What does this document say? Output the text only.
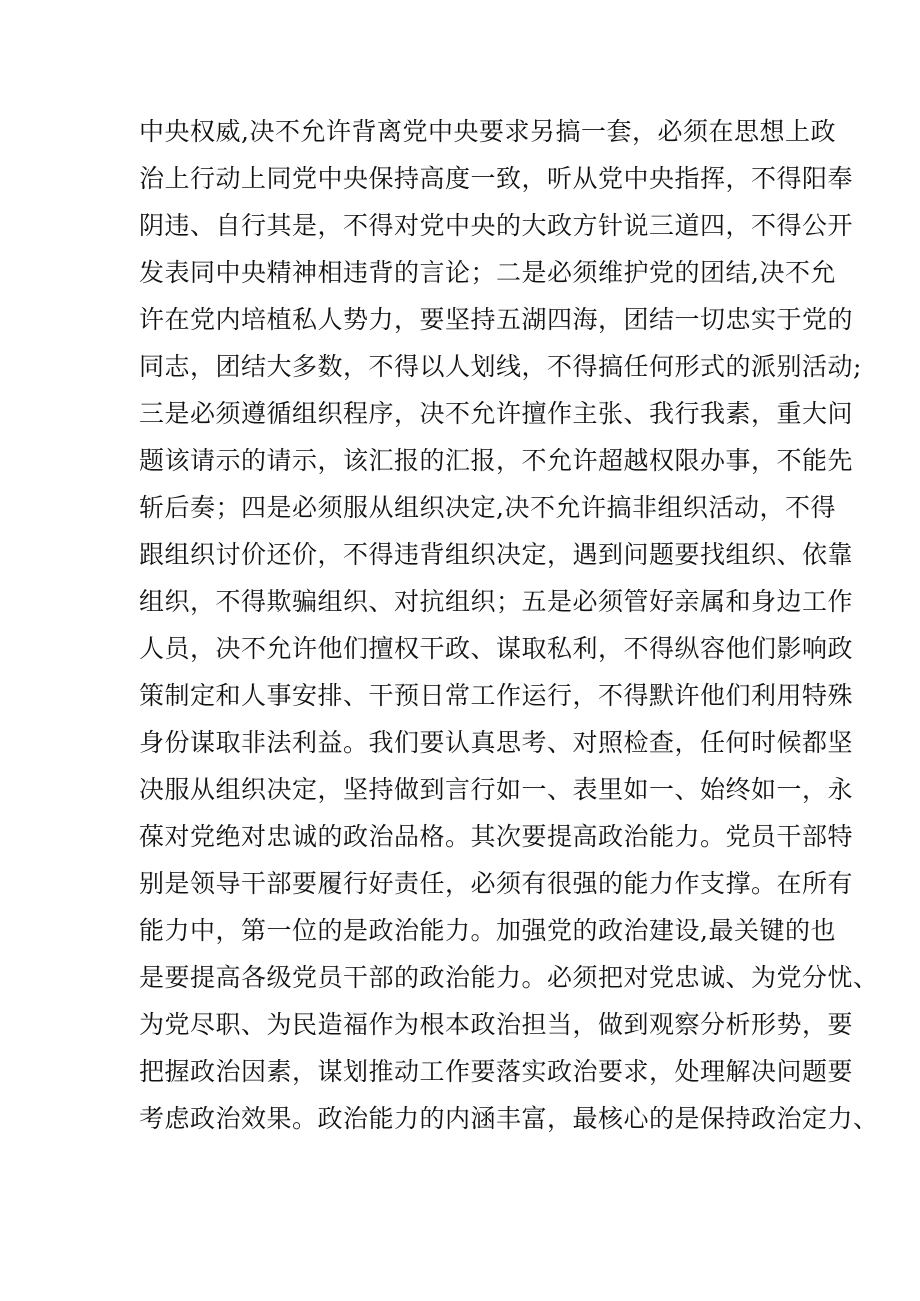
中央权威,决不允许背离党中央要求另搞一套，必须在思想上政
治上行动上同党中央保持高度一致，听从党中央指挥，不得阳奉
阴违、自行其是，不得对党中央的大政方针说三道四，不得公开
发表同中央精神相违背的言论；二是必须维护党的团结,决不允
许在党内培植私人势力，要坚持五湖四海，团结一切忠实于党的
同志，团结大多数，不得以人划线，不得搞任何形式的派别活动;
三是必须遵循组织程序，决不允许擅作主张、我行我素，重大问
题该请示的请示，该汇报的汇报，不允许超越权限办事，不能先
斩后奏；四是必须服从组织决定,决不允许搞非组织活动，不得
跟组织讨价还价，不得违背组织决定，遇到问题要找组织、依靠
组织，不得欺骗组织、对抗组织；五是必须管好亲属和身边工作
人员，决不允许他们擅权干政、谋取私利，不得纵容他们影响政
策制定和人事安排、干预日常工作运行，不得默许他们利用特殊
身份谋取非法利益。我们要认真思考、对照检查，任何时候都坚
决服从组织决定，坚持做到言行如一、表里如一、始终如一，永
葆对党绝对忠诚的政治品格。其次要提高政治能力。党员干部特
别是领导干部要履行好责任，必须有很强的能力作支撑。在所有
能力中，第一位的是政治能力。加强党的政治建设,最关键的也
是要提高各级党员干部的政治能力。必须把对党忠诚、为党分忧、
为党尽职、为民造福作为根本政治担当，做到观察分析形势，要
把握政治因素，谋划推动工作要落实政治要求，处理解决问题要
考虑政治效果。政治能力的内涵丰富，最核心的是保持政治定力、
